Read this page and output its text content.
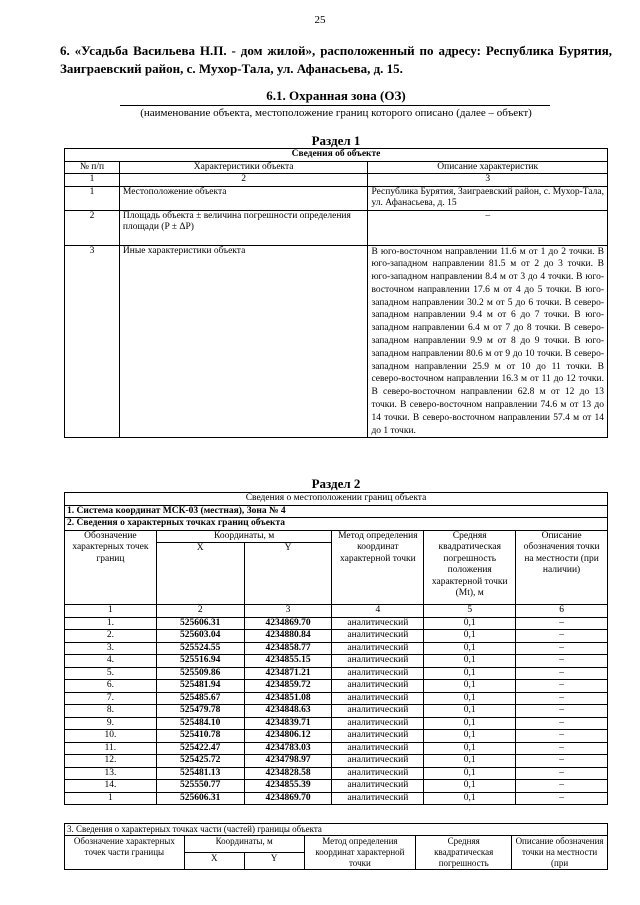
25
6. «Усадьба Васильева Н.П. - дом жилой», расположенный по адресу: Республика Бурятия, Заиграевский район, с. Мухор-Тала, ул. Афанасьева, д. 15.
6.1. Охранная зона (ОЗ)
(наименование объекта, местоположение границ которого описано (далее – объект)
Раздел 1
Сведения об объекте		
№ п/п	Характеристики объекта	Описание характеристик
1	2	3
1	Местоположение объекта	Республика Бурятия, Заиграевский район, с. Мухор-Тала, ул. Афанасьева, д. 15
2	Площадь объекта ± величина погрешности определения площади (P ± ΔP)	–
3	Иные характеристики объекта	В юго-восточном направлении 11.6 м от 1 до 2 точки. В юго-западном направлении 81.5 м от 2 до 3 точки. В юго-западном направлении 8.4 м от 3 до 4 точки. В юго-восточном направлении 17.6 м от 4 до 5 точки. В юго-западном направлении 30.2 м от 5 до 6 точки. В северо-западном направлении 9.4 м от 6 до 7 точки. В юго-западном направлении 6.4 м от 7 до 8 точки. В северо-западном направлении 9.9 м от 8 до 9 точки. В юго-западном направлении 80.6 м от 9 до 10 точки. В северо-западном направлении 25.9 м от 10 до 11 точки. В северо-восточном направлении 16.3 м от 11 до 12 точки. В северо-восточном направлении 62.8 м от 12 до 13 точки. В северо-восточном направлении 74.6 м от 13 до 14 точки. В северо-восточном направлении 57.4 м от 14 до 1 точки.
Раздел 2
Сведения о местоположении границ объекта					
1. Система координат МСК-03 (местная), Зона № 4					
2. Сведения о характерных точках границ объекта					
Обозначение характерных точек границ	Координаты, м		Метод определения координат характерной точки	Средняя квадратическая погрешность положения характерной точки (Mt), м	Описание обозначения точки на местности (при наличии)
	X	Y			
1	2	3	4	5	6
1.	525606.31	4234869.70	аналитический	0,1	–
2.	525603.04	4234880.84	аналитический	0,1	–
3.	525524.55	4234858.77	аналитический	0,1	–
4.	525516.94	4234855.15	аналитический	0,1	–
5.	525509.86	4234871.21	аналитический	0,1	–
6.	525481.94	4234859.72	аналитический	0,1	–
7.	525485.67	4234851.08	аналитический	0,1	–
8.	525479.78	4234848.63	аналитический	0,1	–
9.	525484.10	4234839.71	аналитический	0,1	–
10.	525410.78	4234806.12	аналитический	0,1	–
11.	525422.47	4234783.03	аналитический	0,1	–
12.	525425.72	4234798.97	аналитический	0,1	–
13.	525481.13	4234828.58	аналитический	0,1	–
14.	525550.77	4234855.39	аналитический	0,1	–
1	525606.31	4234869.70	аналитический	0,1	–
3. Сведения о характерных точках части (частей) границы объекта					
Обозначение характерных точек части границы	Координаты, м		Метод определения координат характерной точки	Средняя квадратическая погрешность	Описание обозначения точки на местности (при
	X	Y			
